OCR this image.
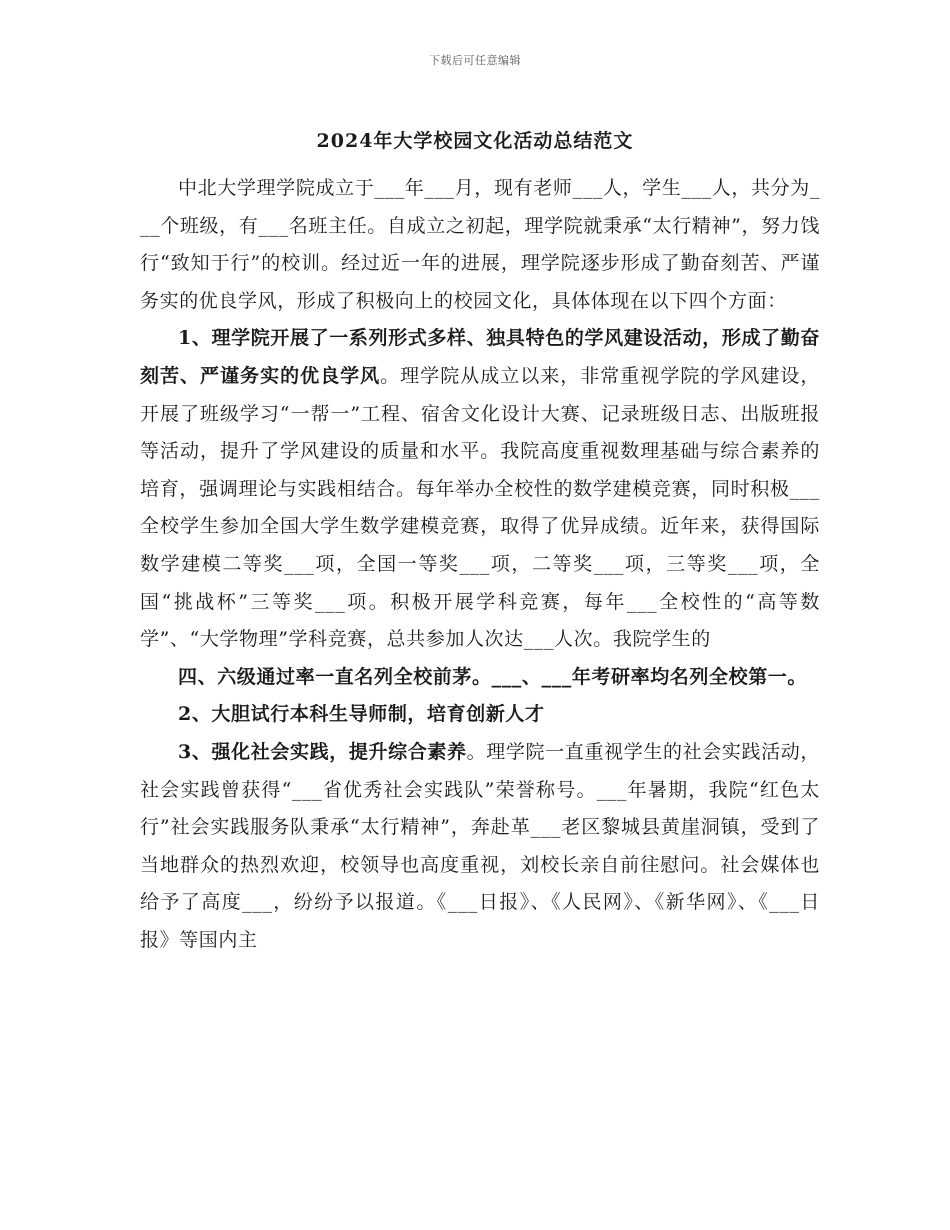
下载后可任意编辑
2024年大学校园文化活动总结范文

中北大学理学院成立于___年___月，现有老师___人，学生___人，共分为___个班级，有___名班主任。自成立之初起，理学院就秉承“太行精神”，努力饯行“致知于行”的校训。经过近一年的进展，理学院逐步形成了勤奋刻苦、严谨务实的优良学风，形成了积极向上的校园文化，具体体现在以下四个方面：

1、理学院开展了一系列形式多样、独具特色的学风建设活动，形成了勤奋刻苦、严谨务实的优良学风。理学院从成立以来，非常重视学院的学风建设，开展了班级学习“一帮一”工程、宿舍文化设计大赛、记录班级日志、出版班报等活动，提升了学风建设的质量和水平。我院高度重视数理基础与综合素养的培育，强调理论与实践相结合。每年举办全校性的数学建模竞赛，同时积极___全校学生参加全国大学生数学建模竞赛，取得了优异成绩。近年来，获得国际数学建模二等奖___项，全国一等奖___项，二等奖___项，三等奖___项，全国“挑战杯”三等奖___项。积极开展学科竞赛，每年___全校性的“高等数学”、“大学物理”学科竞赛，总共参加人次达___人次。我院学生的

四、六级通过率一直名列全校前茅。___、___年考研率均名列全校第一。

2、大胆试行本科生导师制，培育创新人才

3、强化社会实践，提升综合素养。理学院一直重视学生的社会实践活动，社会实践曾获得“___省优秀社会实践队”荣誉称号。___年暑期，我院“红色太行”社会实践服务队秉承“太行精神”，奔赴革___老区黎城县黄崖洞镇，受到了当地群众的热烈欢迎，校领导也高度重视，刘校长亲自前往慰问。社会媒体也给予了高度___，纷纷予以报道。《___日报》、《人民网》、《新华网》、《___日报》等国内主
